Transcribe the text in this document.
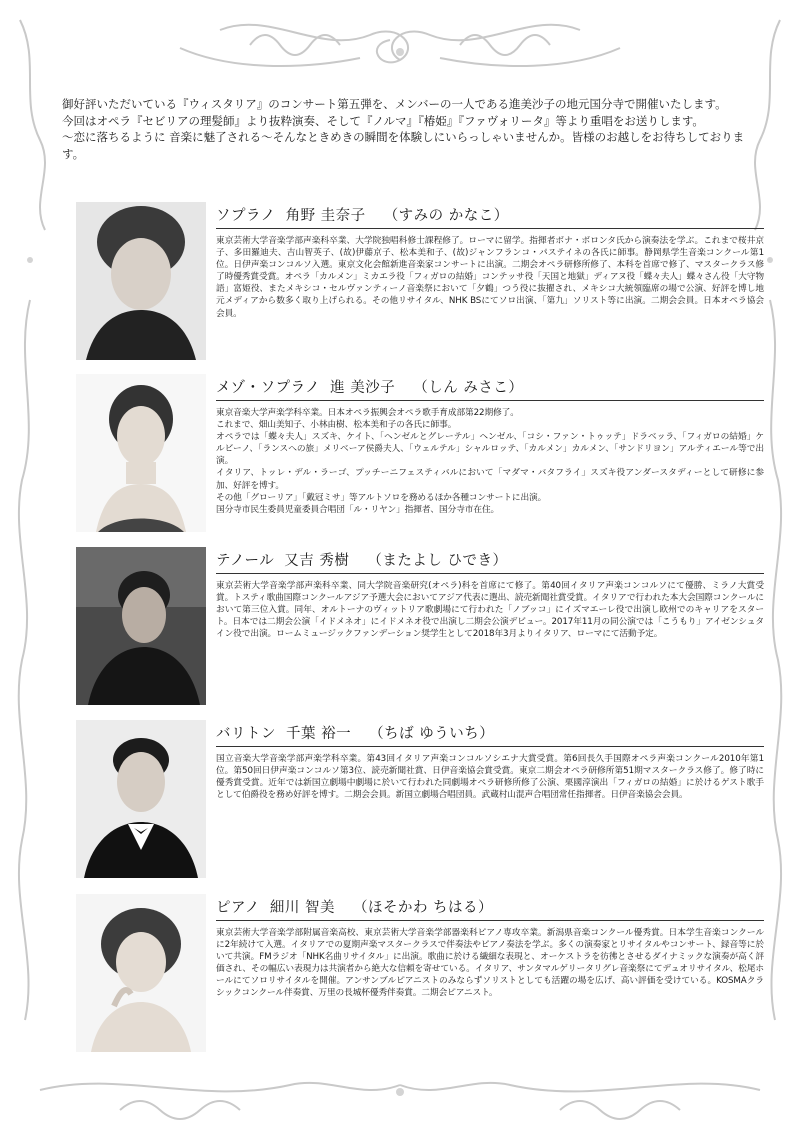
御好評いただいている『ウィスタリア』のコンサート第五弾を、メンバーの一人である進美沙子の地元国分寺で開催いたします。

今回はオペラ『セビリアの理髪師』より抜粋演奏、そして『ノルマ』『椿姫』『ファヴォリータ』等より重唱をお送りします。

～恋に落ちるように 音楽に魅了される～そんなときめきの瞬間を体験しにいらっしゃいませんか。皆様のお越しをお待ちしております。

ソプラノ 角野 圭奈子 （すみの かなこ）

東京芸術大学音楽学部声楽科卒業、大学院独唱科修士課程修了。ローマに留学。指揮者ボナ・ボロンタ氏から演奏法を学ぶ。これまで桜井京子、多田羅迪夫、吉山智英子、(故)伊藤京子、松本美和子、(故)ジャンフランコ・パステイネの各氏に師事。静岡県学生音楽コンクール第1位。日伊声楽コンコルソ入選。東京文化会館新進音楽家コンサートに出演。二期会オペラ研修所修了、本科を首席で修了、マスタークラス修了時優秀賞受賞。オペラ「カルメン」ミカエラ役「フィガロの結婚」コンテッサ役「天国と地獄」ディアヌ役「蝶々夫人」蝶々さん役「大守物語」富姫役、またメキシコ・セルヴァンティーノ音楽祭において「夕鶴」つう役に抜擢され、メキシコ大統領臨席の場で公演、好評を博し地元メディアから数多く取り上げられる。その他リサイタル、NHK BSにてソロ出演、「第九」ソリスト等に出演。二期会会員。日本オペラ協会会員。

メゾ・ソプラノ 進 美沙子 （しん みさこ）

東京音楽大学声楽学科卒業。日本オペラ振興会オペラ歌手育成部第22期修了。

これまで、畑山美知子、小林由樹、松本美和子の各氏に師事。

オペラでは「蝶々夫人」スズキ、ケイト、「ヘンゼルとグレーテル」ヘンゼル、「コシ・ファン・トゥッテ」ドラベッラ、「フィガロの結婚」ケルビーノ、「ランスへの旅」メリベーア侯爵夫人、「ウェルテル」シャルロッテ、「カルメン」カルメン、「サンドリヨン」アルティエール等で出演。

イタリア、トッレ・デル・ラーゴ、プッチーニフェスティバルにおいて「マダマ・バタフライ」スズキ役アンダースタディーとして研修に参加、好評を博す。

その他「グローリア」「戴冠ミサ」等アルトソロを務めるほか各種コンサートに出演。

国分寺市民生委員児童委員合唱団「ル・リヤン」指揮者、国分寺市在住。

テノール 又吉 秀樹 （またよし ひでき）

東京芸術大学音楽学部声楽科卒業、同大学院音楽研究(オペラ)科を首席にて修了。第40回イタリア声楽コンコルソにて優勝、ミラノ大賞受賞。トスティ歌曲国際コンクールアジア予選大会においてアジア代表に選出、読売新聞社賞受賞。イタリアで行われた本大会国際コンクールにおいて第三位入賞。同年、オルトーナのヴィットリア歌劇場にて行われた「ノブッコ」にイズマエーレ役で出演し欧州でのキャリアをスタート。日本では二期会公演「イドメネオ」にイドメネオ役で出演し二期会公演デビュー。2017年11月の同公演では「こうもり」アイゼンシュタイン役で出演。ロームミュージックファンデーション奨学生として2018年3月よりイタリア、ローマにて活動予定。

バリトン 千葉 裕一 （ちば ゆういち）

国立音楽大学音楽学部声楽学科卒業。第43回イタリア声楽コンコルソシエナ大賞受賞。第6回長久手国際オペラ声楽コンクール2010年第1位。第50回日伊声楽コンコルソ第3位、読売新聞社賞、日伊音楽協会賞受賞。東京二期会オペラ研修所第51期マスタークラス修了。修了時に優秀賞受賞。近年では新国立劇場中劇場に於いて行われた同劇場オペラ研修所修了公演、栗國淳演出「フィガロの結婚」に於けるゲスト歌手として伯爵役を務め好評を博す。二期会会員。新国立劇場合唱団員。武蔵村山混声合唱団常任指揮者。日伊音楽協会会員。

ピアノ 細川 智美 （ほそかわ ちはる）

東京芸術大学音楽学部附属音楽高校、東京芸術大学音楽学部器楽科ピアノ専攻卒業。新潟県音楽コンクール優秀賞。日本学生音楽コンクールに2年続けて入選。イタリアでの夏期声楽マスタークラスで伴奏法やピアノ奏法を学ぶ。多くの演奏家とリサイタルやコンサート、録音等に於いて共演。FMラジオ「NHK名曲リサイタル」に出演。歌曲に於ける繊細な表現と、オーケストラを彷彿とさせるダイナミックな演奏が高く評価され、その幅広い表現力は共演者から絶大な信頼を寄せている。イタリア、サンタマルゲリータリグレ音楽祭にてデュオリサイタル、松尾ホールにてソロリサイタルを開催。アンサンブルピアニストのみならずソリストとしても活躍の場を広げ、高い評価を受けている。KOSMAクラシックコンクール伴奏賞、万里の長城杯優秀伴奏賞。二期会ピアニスト。
